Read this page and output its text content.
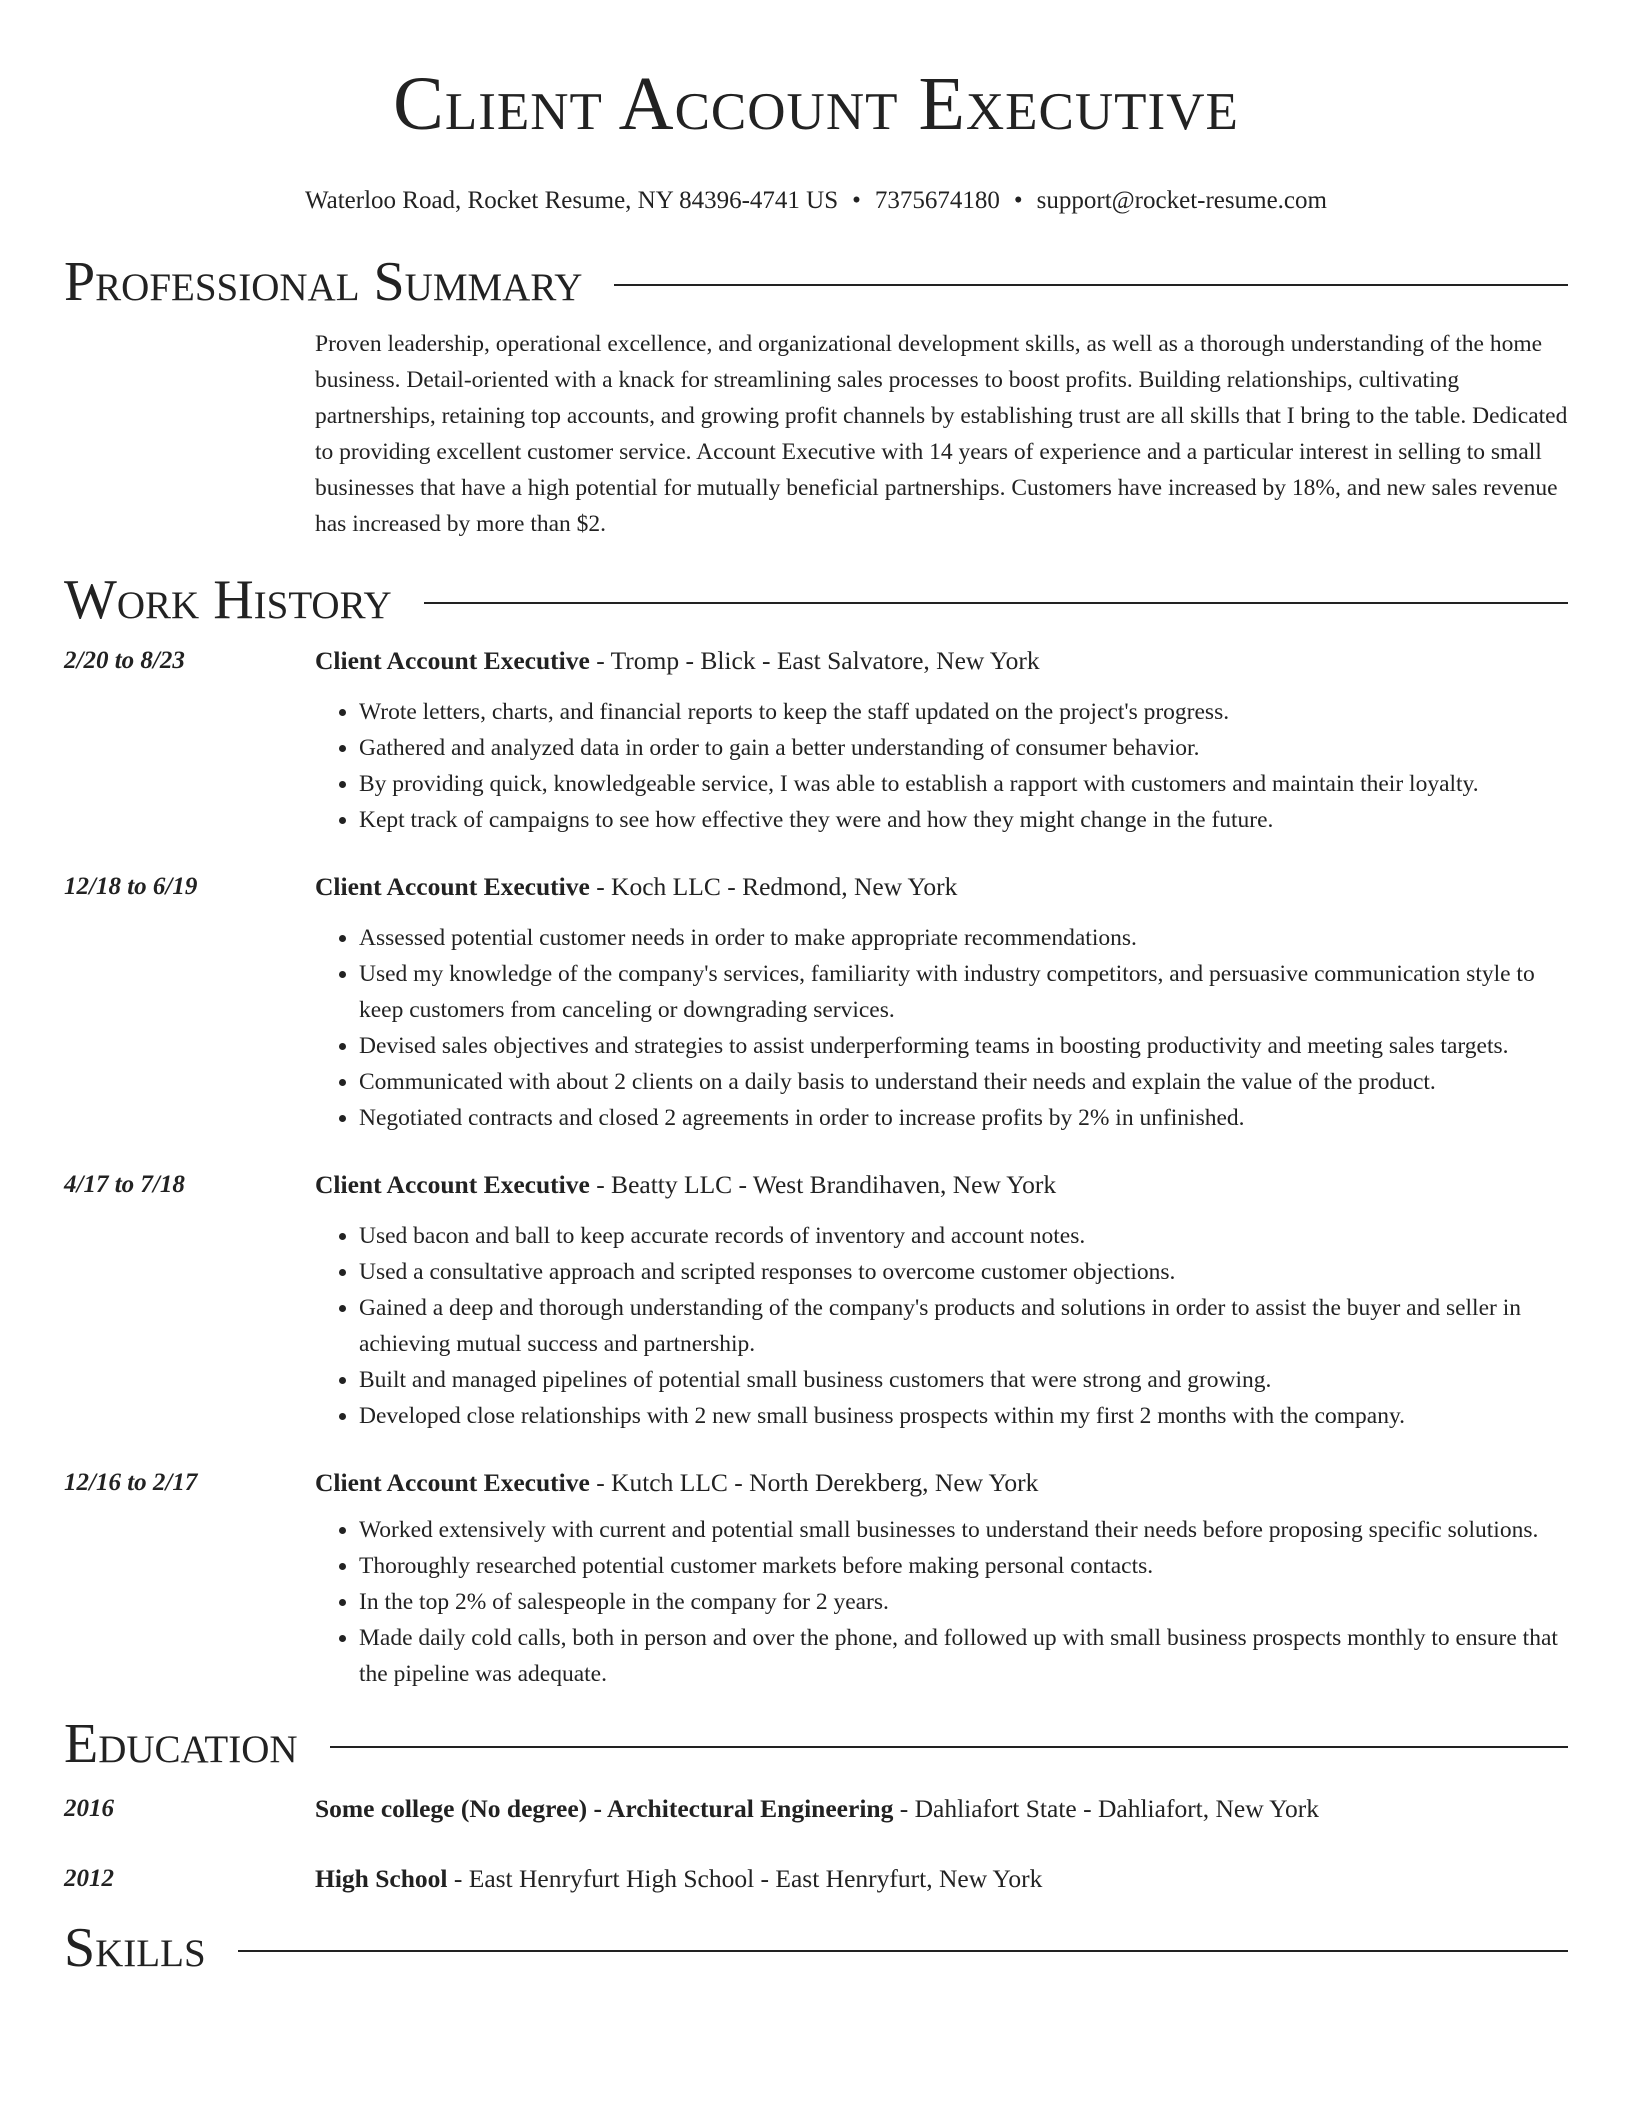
Client Account Executive
Waterloo Road, Rocket Resume, NY 84396-4741 US • 7375674180 • support@rocket-resume.com
Professional Summary
Proven leadership, operational excellence, and organizational development skills, as well as a thorough understanding of the home business. Detail-oriented with a knack for streamlining sales processes to boost profits. Building relationships, cultivating partnerships, retaining top accounts, and growing profit channels by establishing trust are all skills that I bring to the table. Dedicated to providing excellent customer service. Account Executive with 14 years of experience and a particular interest in selling to small businesses that have a high potential for mutually beneficial partnerships. Customers have increased by 18%, and new sales revenue has increased by more than $2.
Work History
2/20 to 8/23	Client Account Executive - Tromp - Blick - East Salvatore, New York
• Wrote letters, charts, and financial reports to keep the staff updated on the project's progress.
• Gathered and analyzed data in order to gain a better understanding of consumer behavior.
• By providing quick, knowledgeable service, I was able to establish a rapport with customers and maintain their loyalty.
• Kept track of campaigns to see how effective they were and how they might change in the future.
12/18 to 6/19	Client Account Executive - Koch LLC - Redmond, New York
• Assessed potential customer needs in order to make appropriate recommendations.
• Used my knowledge of the company's services, familiarity with industry competitors, and persuasive communication style to keep customers from canceling or downgrading services.
• Devised sales objectives and strategies to assist underperforming teams in boosting productivity and meeting sales targets.
• Communicated with about 2 clients on a daily basis to understand their needs and explain the value of the product.
• Negotiated contracts and closed 2 agreements in order to increase profits by 2% in unfinished.
4/17 to 7/18	Client Account Executive - Beatty LLC - West Brandihaven, New York
• Used bacon and ball to keep accurate records of inventory and account notes.
• Used a consultative approach and scripted responses to overcome customer objections.
• Gained a deep and thorough understanding of the company's products and solutions in order to assist the buyer and seller in achieving mutual success and partnership.
• Built and managed pipelines of potential small business customers that were strong and growing.
• Developed close relationships with 2 new small business prospects within my first 2 months with the company.
12/16 to 2/17	Client Account Executive - Kutch LLC - North Derekberg, New York
• Worked extensively with current and potential small businesses to understand their needs before proposing specific solutions.
• Thoroughly researched potential customer markets before making personal contacts.
• In the top 2% of salespeople in the company for 2 years.
• Made daily cold calls, both in person and over the phone, and followed up with small business prospects monthly to ensure that the pipeline was adequate.
Education
2016	Some college (No degree) - Architectural Engineering - Dahliafort State - Dahliafort, New York
2012	High School - East Henryfurt High School - East Henryfurt, New York
Skills
